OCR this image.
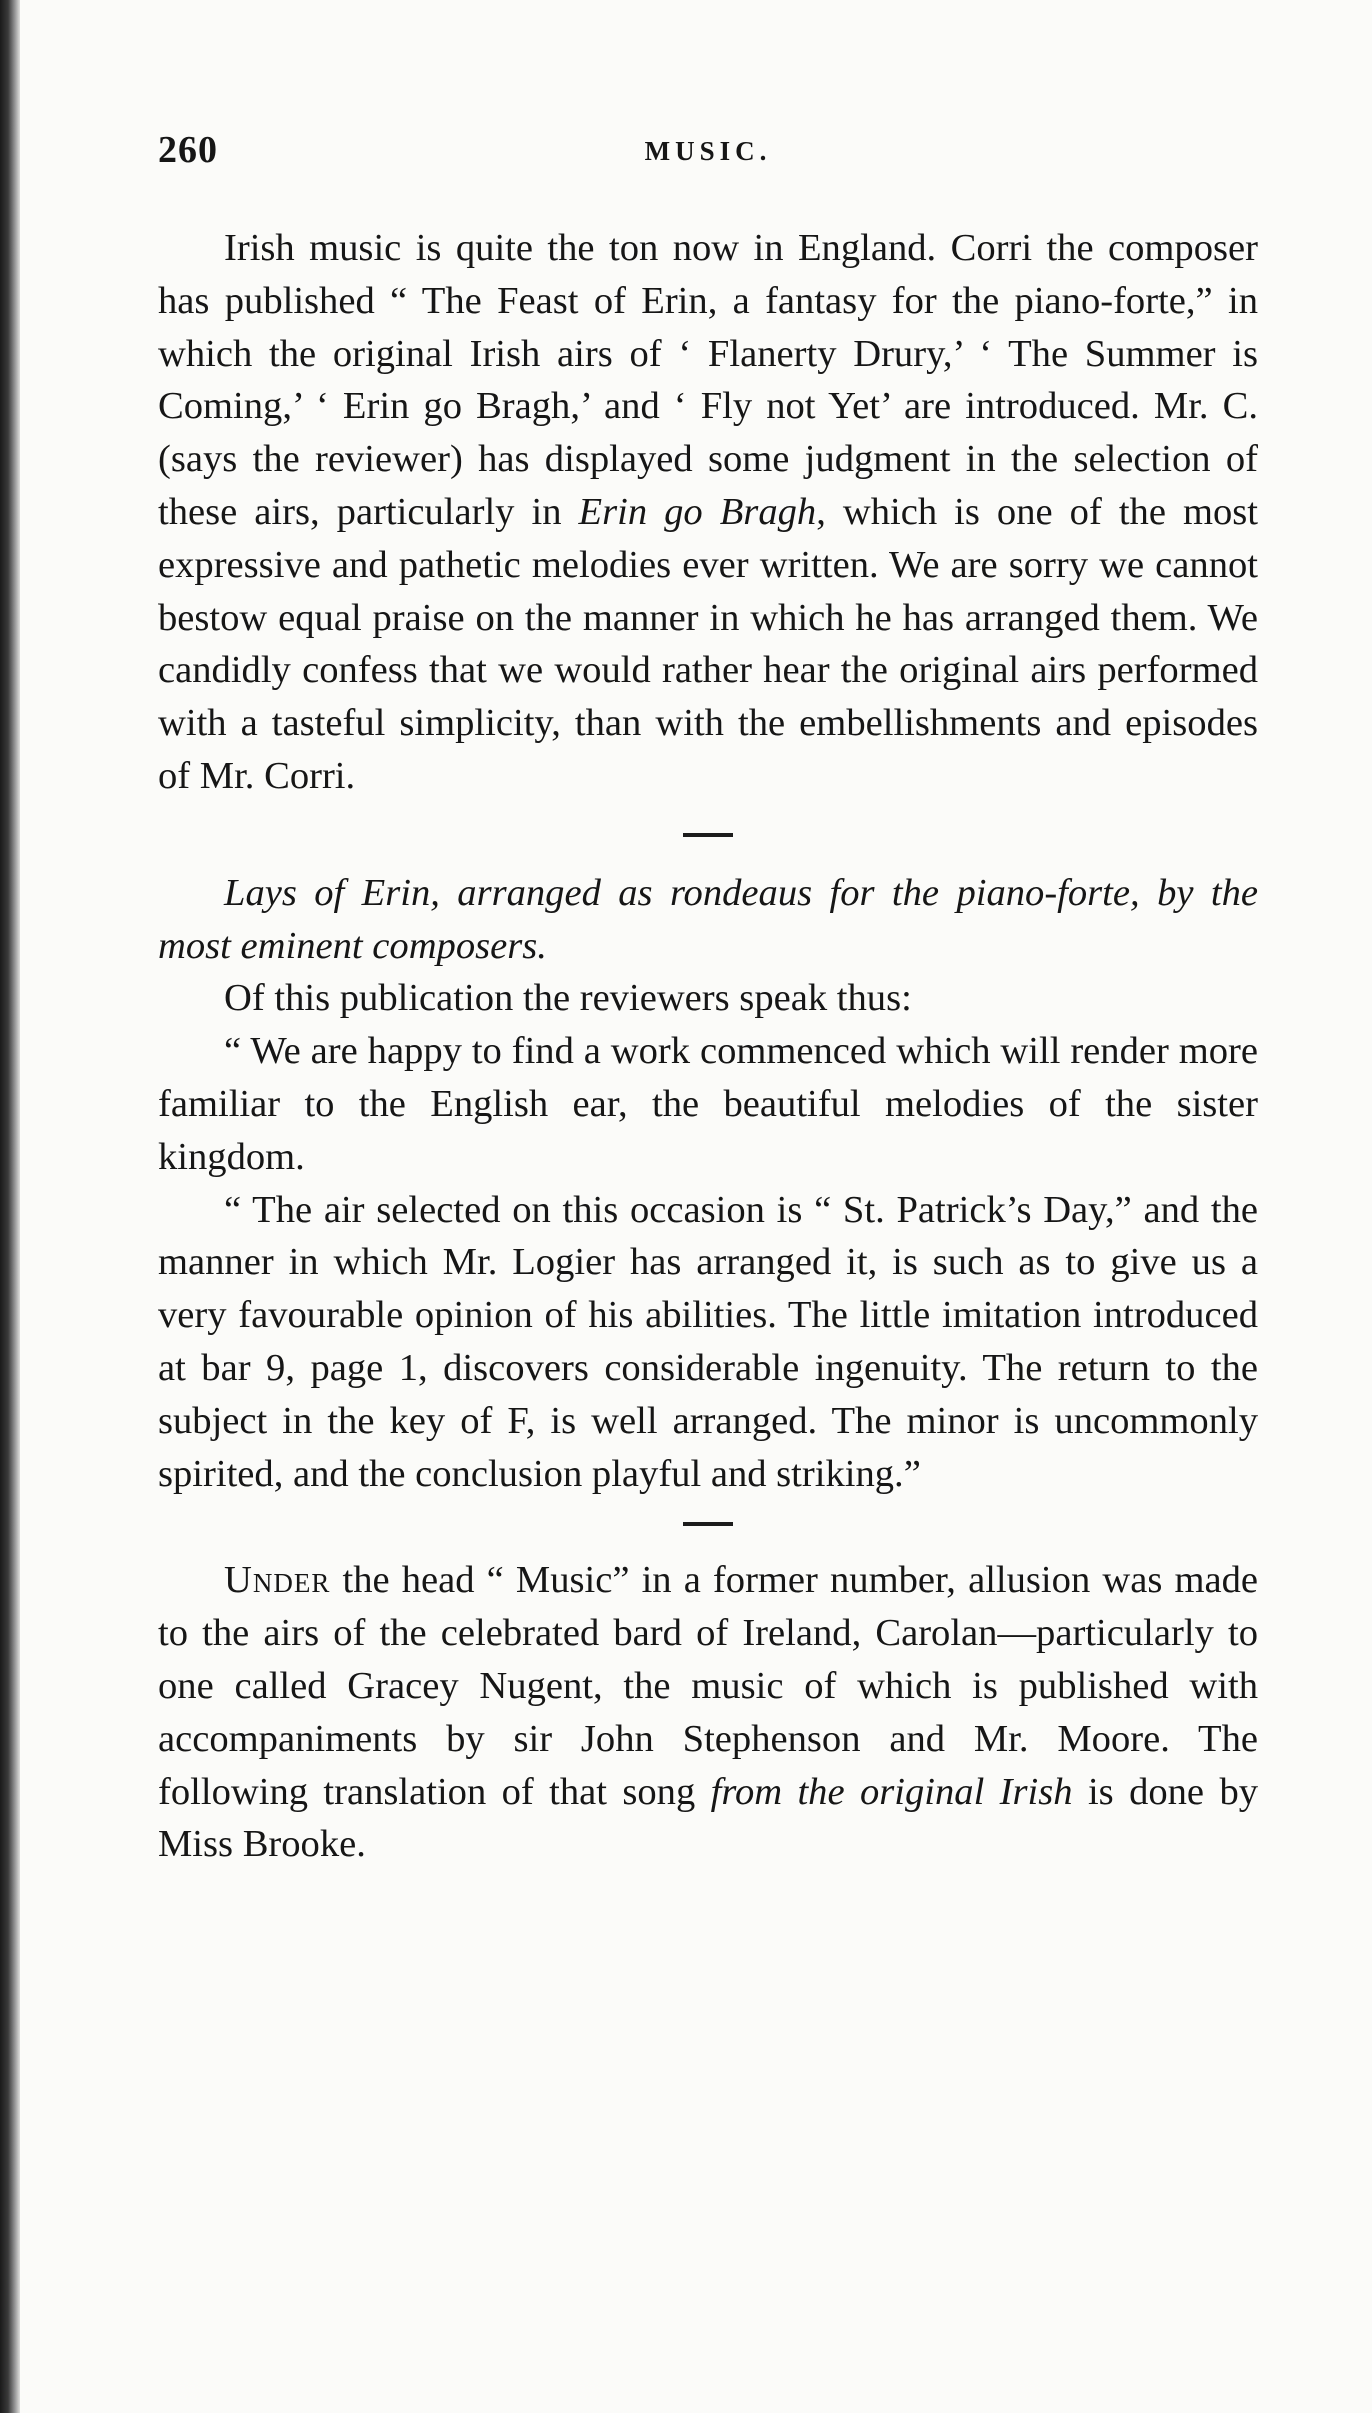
260	MUSIC.

Irish music is quite the ton now in England. Corri the composer has published “ The Feast of Erin, a fantasy for the piano-forte,” in which the original Irish airs of ‘ Flanerty Drury,’ ‘ The Summer is Coming,’ ‘ Erin go Bragh,’ and ‘ Fly not Yet’ are introduced. Mr. C. (says the reviewer) has displayed some judgment in the selection of these airs, particularly in Erin go Bragh, which is one of the most expressive and pathetic melodies ever written. We are sorry we cannot bestow equal praise on the manner in which he has arranged them. We candidly confess that we would rather hear the original airs performed with a tasteful simplicity, than with the embellishments and episodes of Mr. Corri.

Lays of Erin, arranged as rondeaus for the piano-forte, by the most eminent composers.

Of this publication the reviewers speak thus:

“ We are happy to find a work commenced which will render more familiar to the English ear, the beautiful melodies of the sister kingdom.

“ The air selected on this occasion is “ St. Patrick’s Day,” and the manner in which Mr. Logier has arranged it, is such as to give us a very favourable opinion of his abilities. The little imitation introduced at bar 9, page 1, discovers considerable ingenuity. The return to the subject in the key of F, is well arranged. The minor is uncommonly spirited, and the conclusion playful and striking.”

Under the head “ Music” in a former number, allusion was made to the airs of the celebrated bard of Ireland, Carolan—particularly to one called Gracey Nugent, the music of which is published with accompaniments by sir John Stephenson and Mr. Moore. The following translation of that song from the original Irish is done by Miss Brooke.
